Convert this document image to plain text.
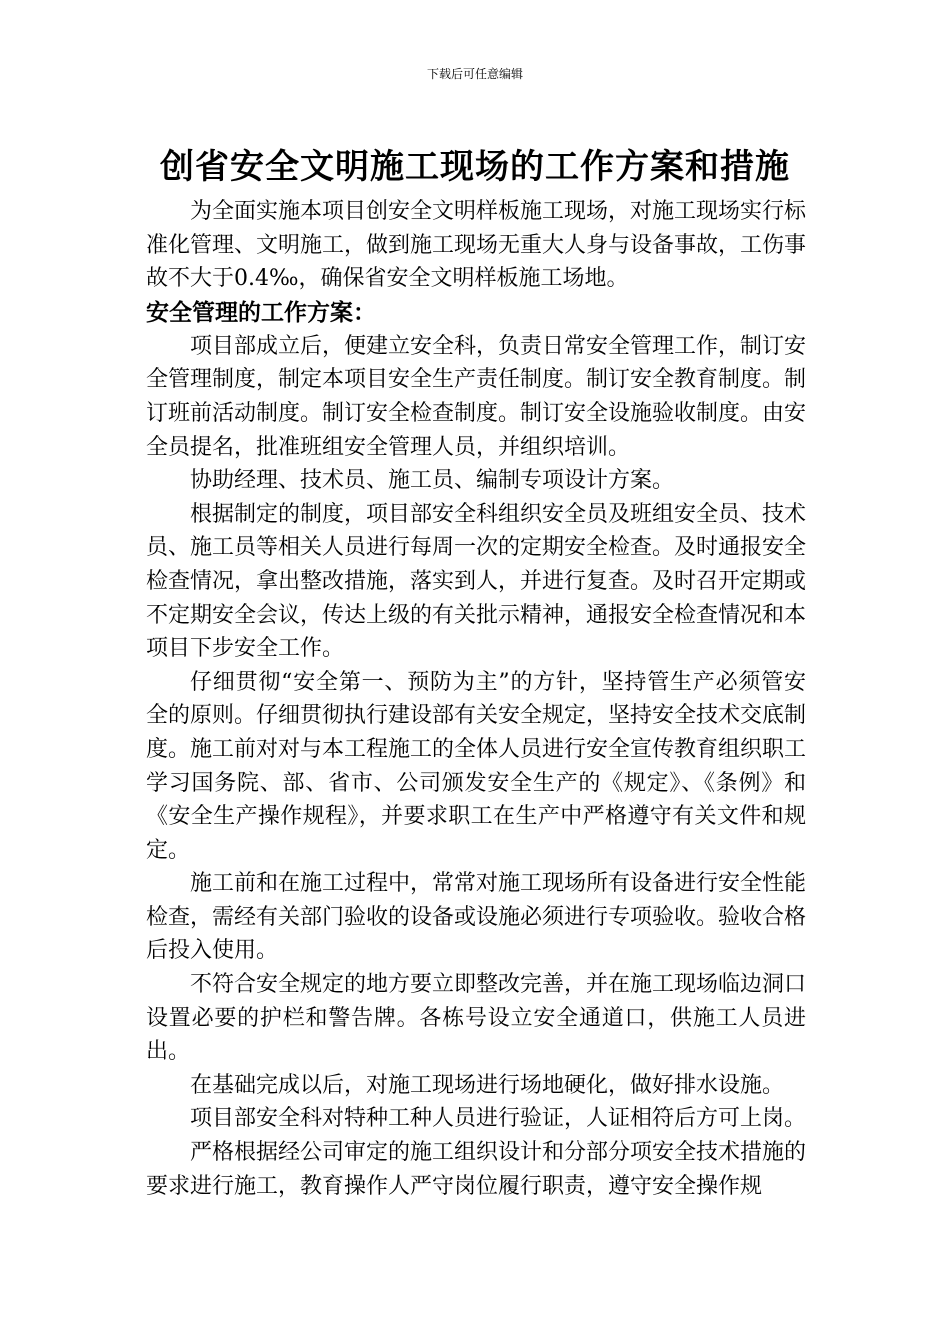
下载后可任意编辑
创省安全文明施工现场的工作方案和措施

为全面实施本项目创安全文明样板施工现场，对施工现场实行标准化管理、文明施工，做到施工现场无重大人身与设备事故，工伤事故不大于0.4‰，确保省安全文明样板施工场地。

安全管理的工作方案：

项目部成立后，便建立安全科，负责日常安全管理工作，制订安全管理制度，制定本项目安全生产责任制度。制订安全教育制度。制订班前活动制度。制订安全检查制度。制订安全设施验收制度。由安全员提名，批准班组安全管理人员，并组织培训。

协助经理、技术员、施工员、编制专项设计方案。

根据制定的制度，项目部安全科组织安全员及班组安全员、技术员、施工员等相关人员进行每周一次的定期安全检查。及时通报安全检查情况，拿出整改措施，落实到人，并进行复查。及时召开定期或不定期安全会议，传达上级的有关批示精神，通报安全检查情况和本项目下步安全工作。

仔细贯彻“安全第一、预防为主”的方针，坚持管生产必须管安全的原则。仔细贯彻执行建设部有关安全规定，坚持安全技术交底制度。施工前对对与本工程施工的全体人员进行安全宣传教育组织职工学习国务院、部、省市、公司颁发安全生产的《规定》、《条例》和《安全生产操作规程》，并要求职工在生产中严格遵守有关文件和规定。

施工前和在施工过程中，常常对施工现场所有设备进行安全性能检查，需经有关部门验收的设备或设施必须进行专项验收。验收合格后投入使用。

不符合安全规定的地方要立即整改完善，并在施工现场临边洞口设置必要的护栏和警告牌。各栋号设立安全通道口，供施工人员进出。

在基础完成以后，对施工现场进行场地硬化，做好排水设施。

项目部安全科对特种工种人员进行验证，人证相符后方可上岗。

严格根据经公司审定的施工组织设计和分部分项安全技术措施的要求进行施工，教育操作人严守岗位履行职责，遵守安全操作规
